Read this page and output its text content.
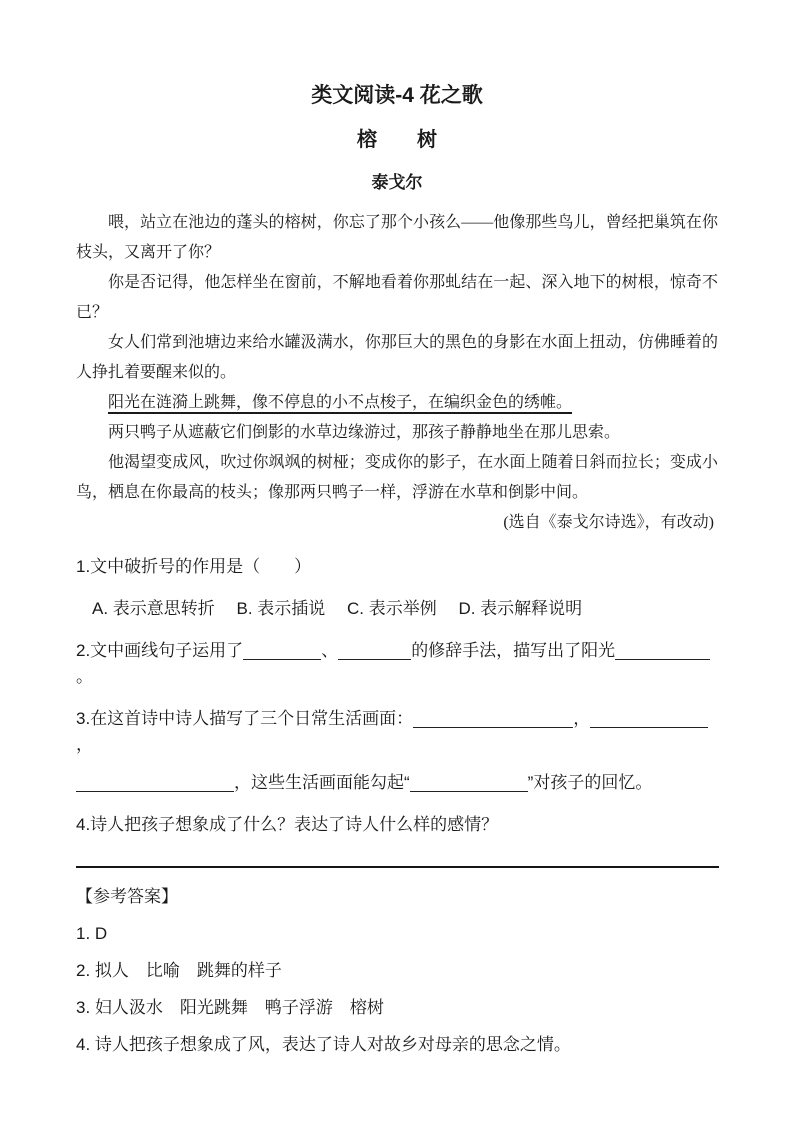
类文阅读-4 花之歌
榕　　树
泰戈尔

喂，站立在池边的蓬头的榕树，你忘了那个小孩么——他像那些鸟儿，曾经把巢筑在你枝头，又离开了你？

你是否记得，他怎样坐在窗前，不解地看着你那虬结在一起、深入地下的树根，惊奇不已？

女人们常到池塘边来给水罐汲满水，你那巨大的黑色的身影在水面上扭动，仿佛睡着的人挣扎着要醒来似的。

阳光在涟漪上跳舞，像不停息的小不点梭子，在编织金色的绣帷。

两只鸭子从遮蔽它们倒影的水草边缘游过，那孩子静静地坐在那儿思索。

他渴望变成风，吹过你飒飒的树桠；变成你的影子，在水面上随着日斜而拉长；变成小鸟，栖息在你最高的枝头；像那两只鸭子一样，浮游在水草和倒影中间。

(选自《泰戈尔诗选》，有改动)

1.文中破折号的作用是（　　）
A. 表示意思转折　 B. 表示插说　 C. 表示举例　 D. 表示解释说明
2.文中画线句子运用了	、	的修辞手法，描写出了阳光。
3.在这首诗中诗人描写了三个日常生活画面：	，，
，这些生活画面能勾起“	”对孩子的回忆。
4.诗人把孩子想象成了什么？表达了诗人什么样的感情？
【参考答案】
1. D
2. 拟人　比喻　跳舞的样子
3. 妇人汲水　阳光跳舞　鸭子浮游　榕树
4. 诗人把孩子想象成了风，表达了诗人对故乡对母亲的思念之情。
